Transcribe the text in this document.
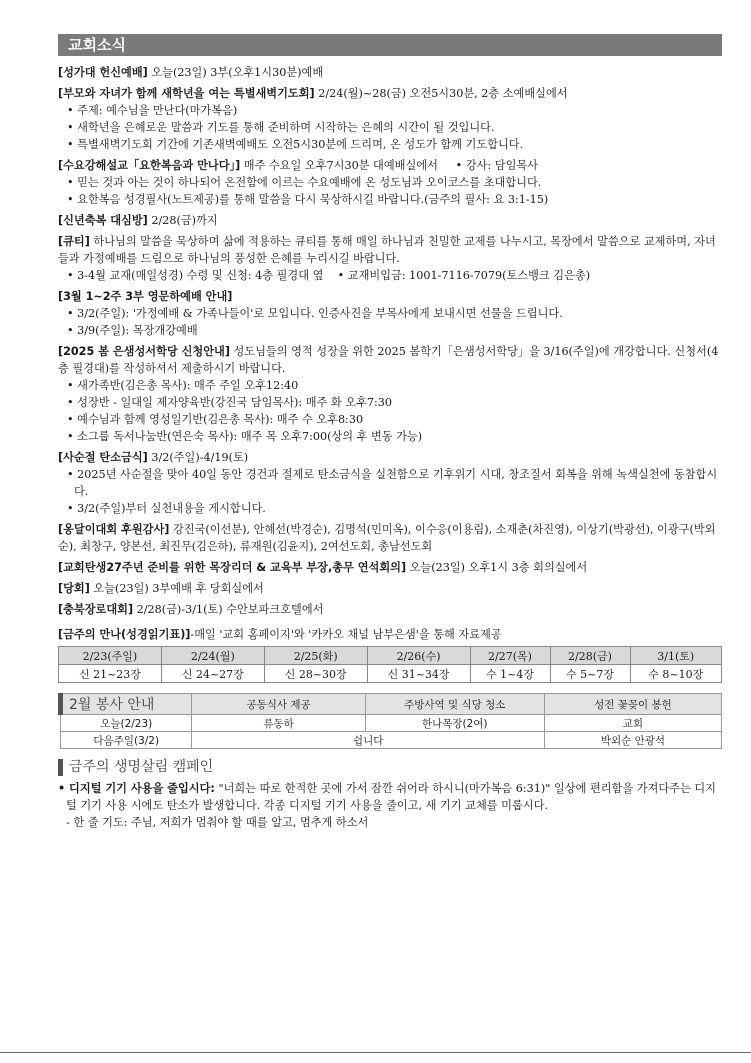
교회소식
[성가대 헌신예배] 오늘(23일) 3부(오후1시30분)예배
[부모와 자녀가 함께 새학년을 여는 특별새벽기도회] 2/24(월)~28(금) 오전5시30분, 2층 소예배실에서
• 주제: 예수님을 만난다(마가복음)
• 새학년을 은혜로운 말씀과 기도를 통해 준비하며 시작하는 은혜의 시간이 될 것입니다.
• 특별새벽기도회 기간에 기존새벽예배도 오전5시30분에 드리며, 온 성도가 함께 기도합니다.
[수요강해설교「요한복음과 만나다」] 매주 수요일 오후7시30분 대예배실에서     • 강사: 담임목사
• 믿는 것과 아는 것이 하나되어 온전함에 이르는 수요예배에 온 성도님과 오이코스를 초대합니다.
• 요한복음 성경필사(노트제공)를 통해 말씀을 다시 묵상하시길 바랍니다.(금주의 필사: 요 3:1-15)
[신년축복 대심방] 2/28(금)까지
[큐티] 하나님의 말씀을 묵상하며 삶에 적용하는 큐티를 통해 매일 하나님과 친밀한 교제를 나누시고, 목장에서 말씀으로 교제하며, 자녀들과 가정예배를 드림으로 하나님의 풍성한 은혜를 누리시길 바랍니다.
• 3-4월 교재(매일성경) 수령 및 신청: 4층 필경대 옆    • 교재비입금: 1001-7116-7079(토스뱅크 김은총)
[3월 1~2주 3부 영문하예배 안내]
• 3/2(주일): '가정예배 & 가족나들이'로 모입니다. 인증사진을 부목사에게 보내시면 선물을 드립니다.
• 3/9(주일): 목장개강예배
[2025 봄 은샘성서학당 신청안내] 성도님들의 영적 성장을 위한 2025 봄학기「은샘성서학당」을 3/16(주일)에 개강합니다. 신청서(4층 필경대)를 작성하셔서 제출하시기 바랍니다.
• 새가족반(김은총 목사): 매주 주일 오후12:40
• 성장반 - 일대일 제자양육반(강진국 담임목사): 매주 화 오후7:30
• 예수님과 함께 영성일기반(김은총 목사): 매주 수 오후8:30
• 소그룹 독서나눔반(연은숙 목사): 매주 목 오후7:00(상의 후 변동 가능)
[사순절 탄소금식] 3/2(주일)-4/19(토)
• 2025년 사순절을 맞아 40일 동안 경건과 절제로 탄소금식을 실천함으로 기후위기 시대, 창조질서 회복을 위해 녹색실천에 동참합시다.
• 3/2(주일)부터 실천내용을 게시합니다.
[옹달이대회 후원감사] 강진국(이선분), 안혜선(박경순), 김명석(민미옥), 이수응(이용림), 소재춘(차진영), 이상기(박광선), 이광구(박외순), 최창구, 양본선, 최진무(김은하), 류재원(김윤지), 2여선도회, 총남선도회
[교회탄생27주년 준비를 위한 목장리더 & 교육부 부장,총무 연석회의] 오늘(23일) 오후1시 3층 회의실에서
[당회] 오늘(23일) 3부예배 후 당회실에서
[충북장로대회] 2/28(금)-3/1(토) 수안보파크호텔에서
[금주의 만나(성경읽기표)]-매일 '교회 홈페이지'와 '카카오 채널 남부은샘'을 통해 자료제공
2/23(주일)	2/24(월)	2/25(화)	2/26(수)	2/27(목)	2/28(금)	3/1(토)
신 21~23장	신 24~27장	신 28~30장	신 31~34장	수 1~4장	수 5~7장	수 8~10장
2월 봉사 안내	공동식사 제공	주방사역 및 식당 청소	성전 꽃꽂이 봉헌
오늘(2/23)	류동하	한나목장(2여)	교회
다음주일(3/2)	쉽니다		박외순 안광석
금주의 생명살림 캠페인
• 디지털 기기 사용을 줄입시다: "너희는 따로 한적한 곳에 가서 잠깐 쉬어라 하시니(마가복음 6:31)" 일상에 편리함을 가져다주는 디지털 기기 사용 시에도 탄소가 발생합니다. 각종 디지털 기기 사용을 줄이고, 새 기기 교체를 미룹시다.
- 한 줄 기도: 주님, 저희가 멈춰야 할 때를 알고, 멈추게 하소서
